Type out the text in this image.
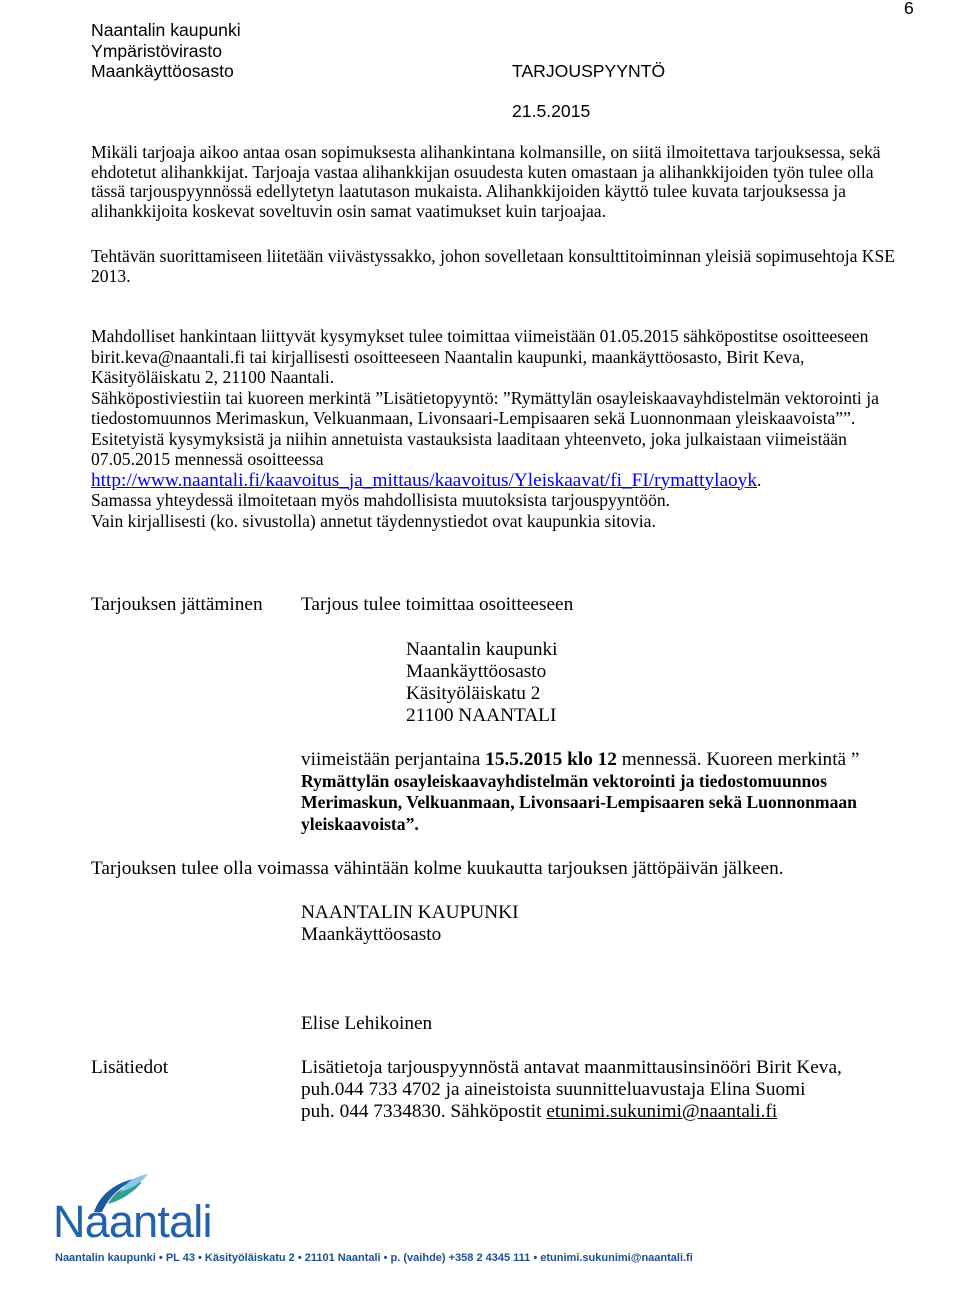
6
Naantalin kaupunki
Ympäristövirasto
Maankäyttöosasto	TARJOUSPYYNTÖ
21.5.2015
Mikäli tarjoaja aikoo antaa osan sopimuksesta alihankintana kolmansille, on siitä ilmoitettava tarjouksessa, sekä
ehdotetut alihankkijat. Tarjoaja vastaa alihankkijan osuudesta kuten omastaan ja alihankkijoiden työn tulee olla
tässä tarjouspyynnössä edellytetyn laatutason mukaista. Alihankkijoiden käyttö tulee kuvata tarjouksessa ja
alihankkijoita koskevat soveltuvin osin samat vaatimukset kuin tarjoajaa.
Tehtävän suorittamiseen liitetään viivästyssakko, johon sovelletaan konsulttitoiminnan yleisiä sopimusehtoja KSE
2013.
Mahdolliset hankintaan liittyvät kysymykset tulee toimittaa viimeistään 01.05.2015 sähköpostitse osoitteeseen
birit.keva@naantali.fi tai kirjallisesti osoitteeseen Naantalin kaupunki, maankäyttöosasto, Birit Keva,
Käsityöläiskatu 2, 21100 Naantali.
Sähköpostiviestiin tai kuoreen merkintä ”Lisätietopyyntö: ”Rymättylän osayleiskaavayhdistelmän vektorointi ja
tiedostomuunnos Merimaskun, Velkuanmaan, Livonsaari-Lempisaaren sekä Luonnonmaan yleiskaavoista””.
Esitetyistä kysymyksistä ja niihin annetuista vastauksista laaditaan yhteenveto, joka julkaistaan viimeistään
07.05.2015 mennessä osoitteessa
http://www.naantali.fi/kaavoitus_ja_mittaus/kaavoitus/Yleiskaavat/fi_FI/rymattylaoyk.
Samassa yhteydessä ilmoitetaan myös mahdollisista muutoksista tarjouspyyntöön.
Vain kirjallisesti (ko. sivustolla) annetut täydennystiedot ovat kaupunkia sitovia.
Tarjouksen jättäminen Tarjous tulee toimittaa osoitteeseen
Naantalin kaupunki
Maankäyttöosasto
Käsityöläiskatu 2
21100 NAANTALI
viimeistään perjantaina 15.5.2015 klo 12 mennessä. Kuoreen merkintä ”
Rymättylän osayleiskaavayhdistelmän vektorointi ja tiedostomuunnos
Merimaskun, Velkuanmaan, Livonsaari-Lempisaaren sekä Luonnonmaan
yleiskaavoista”.
Tarjouksen tulee olla voimassa vähintään kolme kuukautta tarjouksen jättöpäivän jälkeen.
NAANTALIN KAUPUNKI
Maankäyttöosasto
Elise Lehikoinen
Lisätiedot	Lisätietoja tarjouspyynnöstä antavat maanmittausinsinööri Birit Keva,
puh.044 733 4702 ja aineistoista suunnitteluavustaja Elina Suomi
puh. 044 7334830. Sähköpostit etunimi.sukunimi@naantali.fi
Naantali
Naantalin kaupunki • PL 43 • Käsityöläiskatu 2 • 21101 Naantali • p. (vaihde) +358 2 4345 111 • etunimi.sukunimi@naantali.fi
